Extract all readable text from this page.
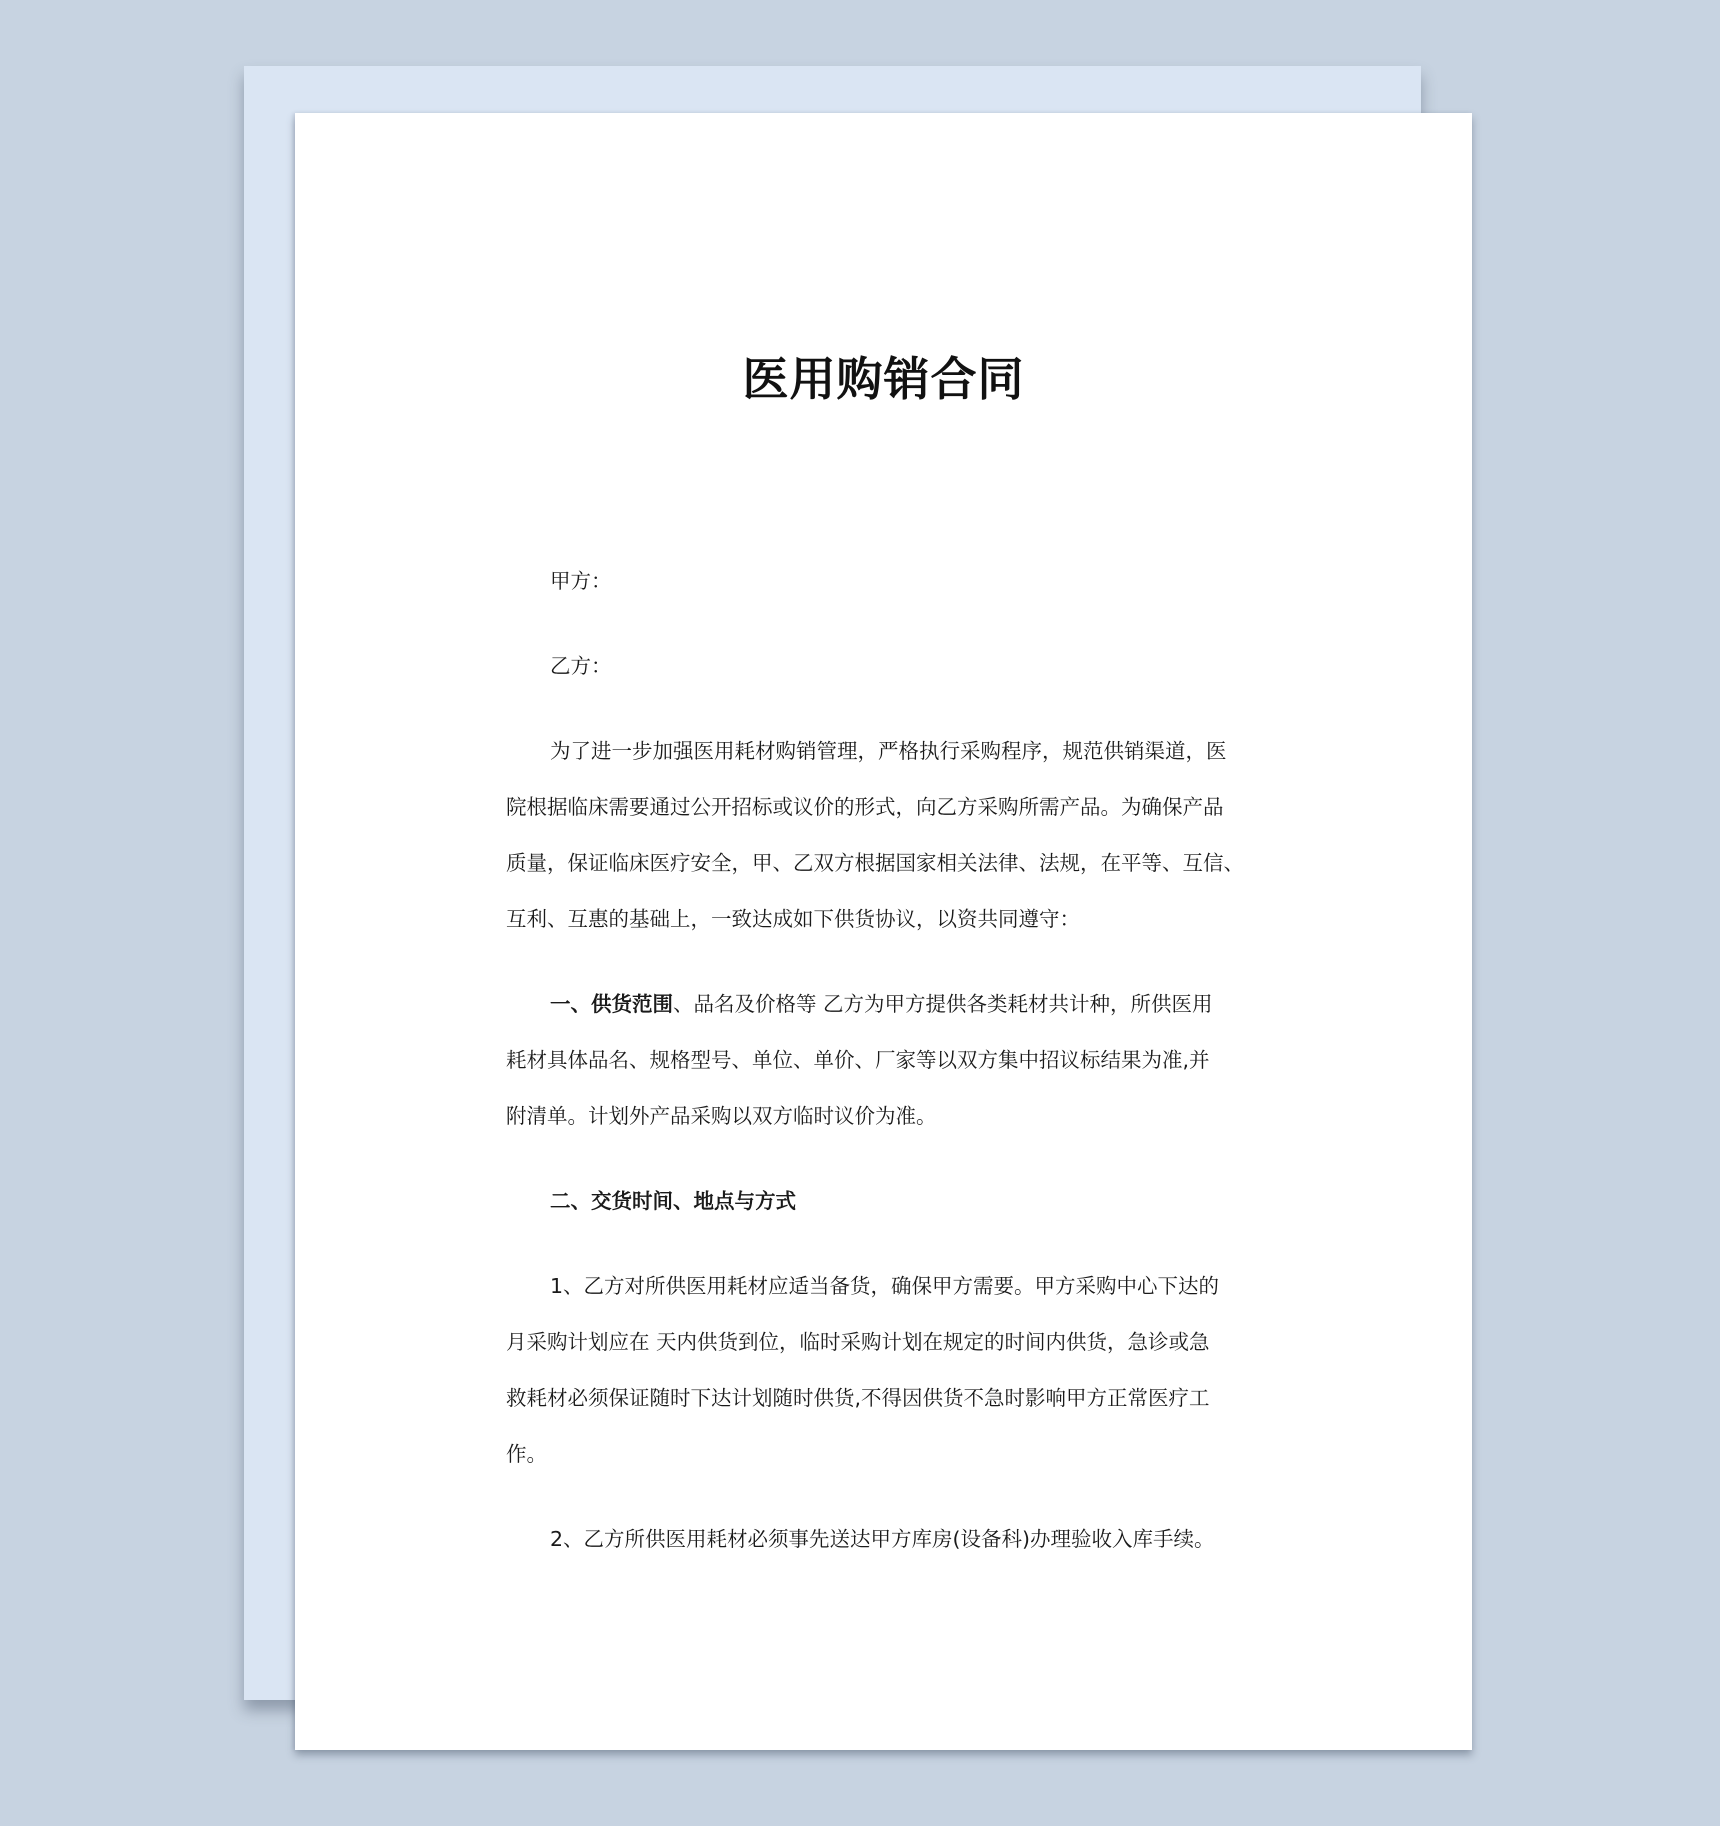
医用购销合同
甲方：
乙方：
为了进一步加强医用耗材购销管理，严格执行采购程序，规范供销渠道，医
院根据临床需要通过公开招标或议价的形式，向乙方采购所需产品。为确保产品
质量，保证临床医疗安全，甲、乙双方根据国家相关法律、法规，在平等、互信、
互利、互惠的基础上，一致达成如下供货协议，以资共同遵守：
一、供货范围、品名及价格等 乙方为甲方提供各类耗材共计种，所供医用
耗材具体品名、规格型号、单位、单价、厂家等以双方集中招议标结果为准,并
附清单。计划外产品采购以双方临时议价为准。
二、交货时间、地点与方式
1、乙方对所供医用耗材应适当备货，确保甲方需要。甲方采购中心下达的
月采购计划应在 天内供货到位，临时采购计划在规定的时间内供货，急诊或急
救耗材必须保证随时下达计划随时供货,不得因供货不急时影响甲方正常医疗工
作。
2、乙方所供医用耗材必须事先送达甲方库房(设备科)办理验收入库手续。
